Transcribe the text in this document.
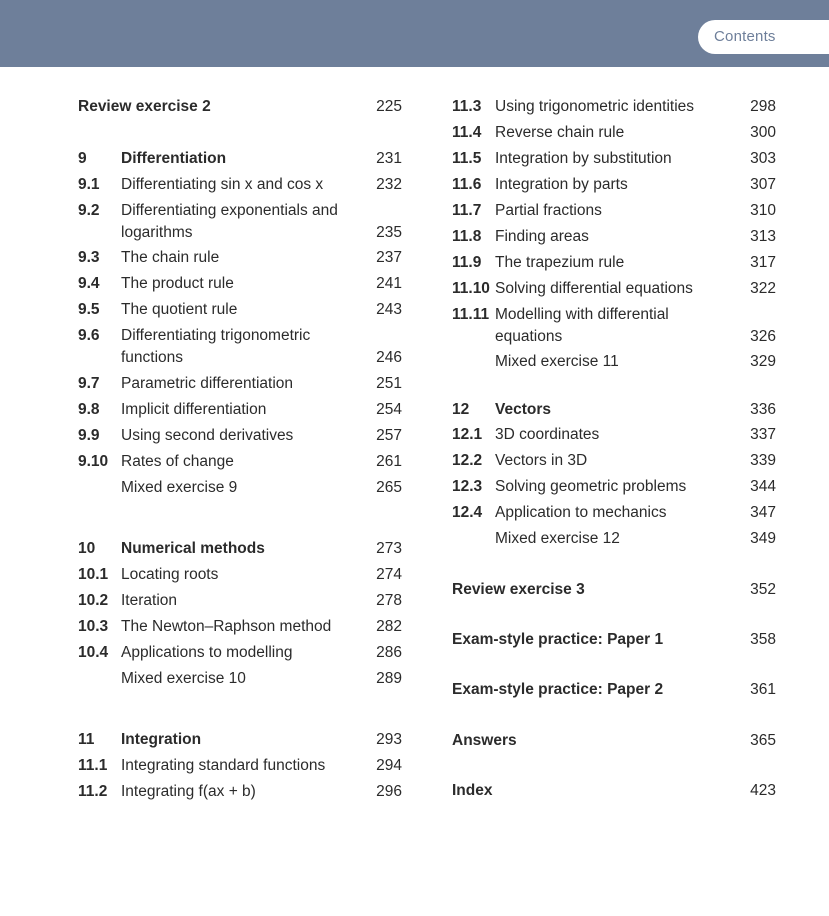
Contents
Review exercise 2	225
9 Differentiation	231
9.1 Differentiating sin x and cos x	232
9.2 Differentiating exponentials and
logarithms	235
9.3 The chain rule	237
9.4 The product rule	241
9.5 The quotient rule	243
9.6 Differentiating trigonometric
functions	246
9.7 Parametric differentiation	251
9.8 Implicit differentiation	254
9.9 Using second derivatives	257
9.10 Rates of change	261
Mixed exercise 9	265
10 Numerical methods	273
10.1 Locating roots	274
10.2 Iteration	278
10.3 The Newton–Raphson method	282
10.4 Applications to modelling	286
Mixed exercise 10	289
11 Integration	293
11.1 Integrating standard functions	294
11.2 Integrating f(ax + b)	296
11.3 Using trigonometric identities	298
11.4 Reverse chain rule	300
11.5 Integration by substitution	303
11.6 Integration by parts	307
11.7 Partial fractions	310
11.8 Finding areas	313
11.9 The trapezium rule	317
11.10 Solving differential equations	322
11.11 Modelling with differential
equations	326
Mixed exercise 11	329
12 Vectors	336
12.1 3D coordinates	337
12.2 Vectors in 3D	339
12.3 Solving geometric problems	344
12.4 Application to mechanics	347
Mixed exercise 12	349
Review exercise 3	352
Exam-style practice: Paper 1	358
Exam-style practice: Paper 2	361
Answers	365
Index	423
